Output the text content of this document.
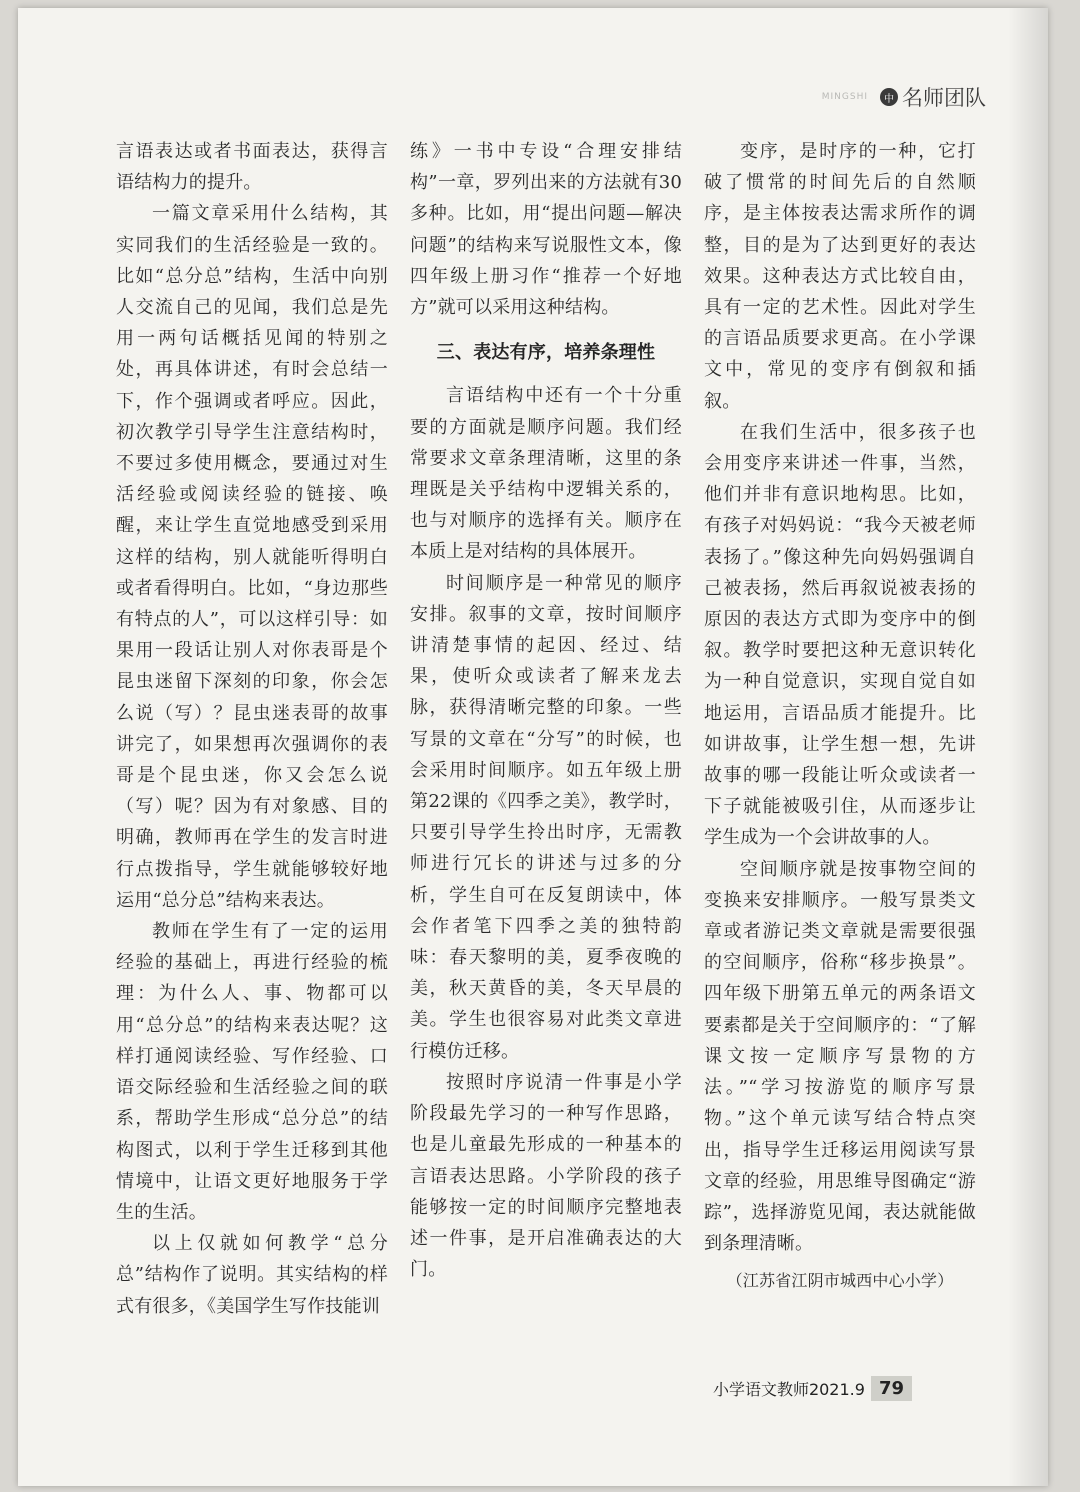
MINGSHI	中 名师团队

言语表达或者书面表达，获得言语结构力的提升。

一篇文章采用什么结构，其实同我们的生活经验是一致的。比如“总分总”结构，生活中向别人交流自己的见闻，我们总是先用一两句话概括见闻的特别之处，再具体讲述，有时会总结一下，作个强调或者呼应。因此，初次教学引导学生注意结构时，不要过多使用概念，要通过对生活经验或阅读经验的链接、唤醒，来让学生直觉地感受到采用这样的结构，别人就能听得明白或者看得明白。比如，“身边那些有特点的人”，可以这样引导：如果用一段话让别人对你表哥是个昆虫迷留下深刻的印象，你会怎么说（写）？昆虫迷表哥的故事讲完了，如果想再次强调你的表哥是个昆虫迷，你又会怎么说（写）呢？因为有对象感、目的明确，教师再在学生的发言时进行点拨指导，学生就能够较好地运用“总分总”结构来表达。

教师在学生有了一定的运用经验的基础上，再进行经验的梳理：为什么人、事、物都可以用“总分总”的结构来表达呢？这样打通阅读经验、写作经验、口语交际经验和生活经验之间的联系，帮助学生形成“总分总”的结构图式，以利于学生迁移到其他情境中，让语文更好地服务于学生的生活。

以上仅就如何教学“总分总”结构作了说明。其实结构的样式有很多，《美国学生写作技能训

练》一书中专设“合理安排结构”一章，罗列出来的方法就有30多种。比如，用“提出问题—解决问题”的结构来写说服性文本，像四年级上册习作“推荐一个好地方”就可以采用这种结构。

三、表达有序，培养条理性

言语结构中还有一个十分重要的方面就是顺序问题。我们经常要求文章条理清晰，这里的条理既是关乎结构中逻辑关系的，也与对顺序的选择有关。顺序在本质上是对结构的具体展开。

时间顺序是一种常见的顺序安排。叙事的文章，按时间顺序讲清楚事情的起因、经过、结果，使听众或读者了解来龙去脉，获得清晰完整的印象。一些写景的文章在“分写”的时候，也会采用时间顺序。如五年级上册第22课的《四季之美》，教学时，只要引导学生拎出时序，无需教师进行冗长的讲述与过多的分析，学生自可在反复朗读中，体会作者笔下四季之美的独特韵味：春天黎明的美，夏季夜晚的美，秋天黄昏的美，冬天早晨的美。学生也很容易对此类文章进行模仿迁移。

按照时序说清一件事是小学阶段最先学习的一种写作思路，也是儿童最先形成的一种基本的言语表达思路。小学阶段的孩子能够按一定的时间顺序完整地表述一件事，是开启准确表达的大门。

变序，是时序的一种，它打破了惯常的时间先后的自然顺序，是主体按表达需求所作的调整，目的是为了达到更好的表达效果。这种表达方式比较自由，具有一定的艺术性。因此对学生的言语品质要求更高。在小学课文中，常见的变序有倒叙和插叙。

在我们生活中，很多孩子也会用变序来讲述一件事，当然，他们并非有意识地构思。比如，有孩子对妈妈说：“我今天被老师表扬了。”像这种先向妈妈强调自己被表扬，然后再叙说被表扬的原因的表达方式即为变序中的倒叙。教学时要把这种无意识转化为一种自觉意识，实现自觉自如地运用，言语品质才能提升。比如讲故事，让学生想一想，先讲故事的哪一段能让听众或读者一下子就能被吸引住，从而逐步让学生成为一个会讲故事的人。

空间顺序就是按事物空间的变换来安排顺序。一般写景类文章或者游记类文章就是需要很强的空间顺序，俗称“移步换景”。四年级下册第五单元的两条语文要素都是关于空间顺序的：“了解课文按一定顺序写景物的方法。”“学习按游览的顺序写景物。”这个单元读写结合特点突出，指导学生迁移运用阅读写景文章的经验，用思维导图确定“游踪”，选择游览见闻，表达就能做到条理清晰。

（江苏省江阴市城西中心小学）

小学语文教师2021.9 79
